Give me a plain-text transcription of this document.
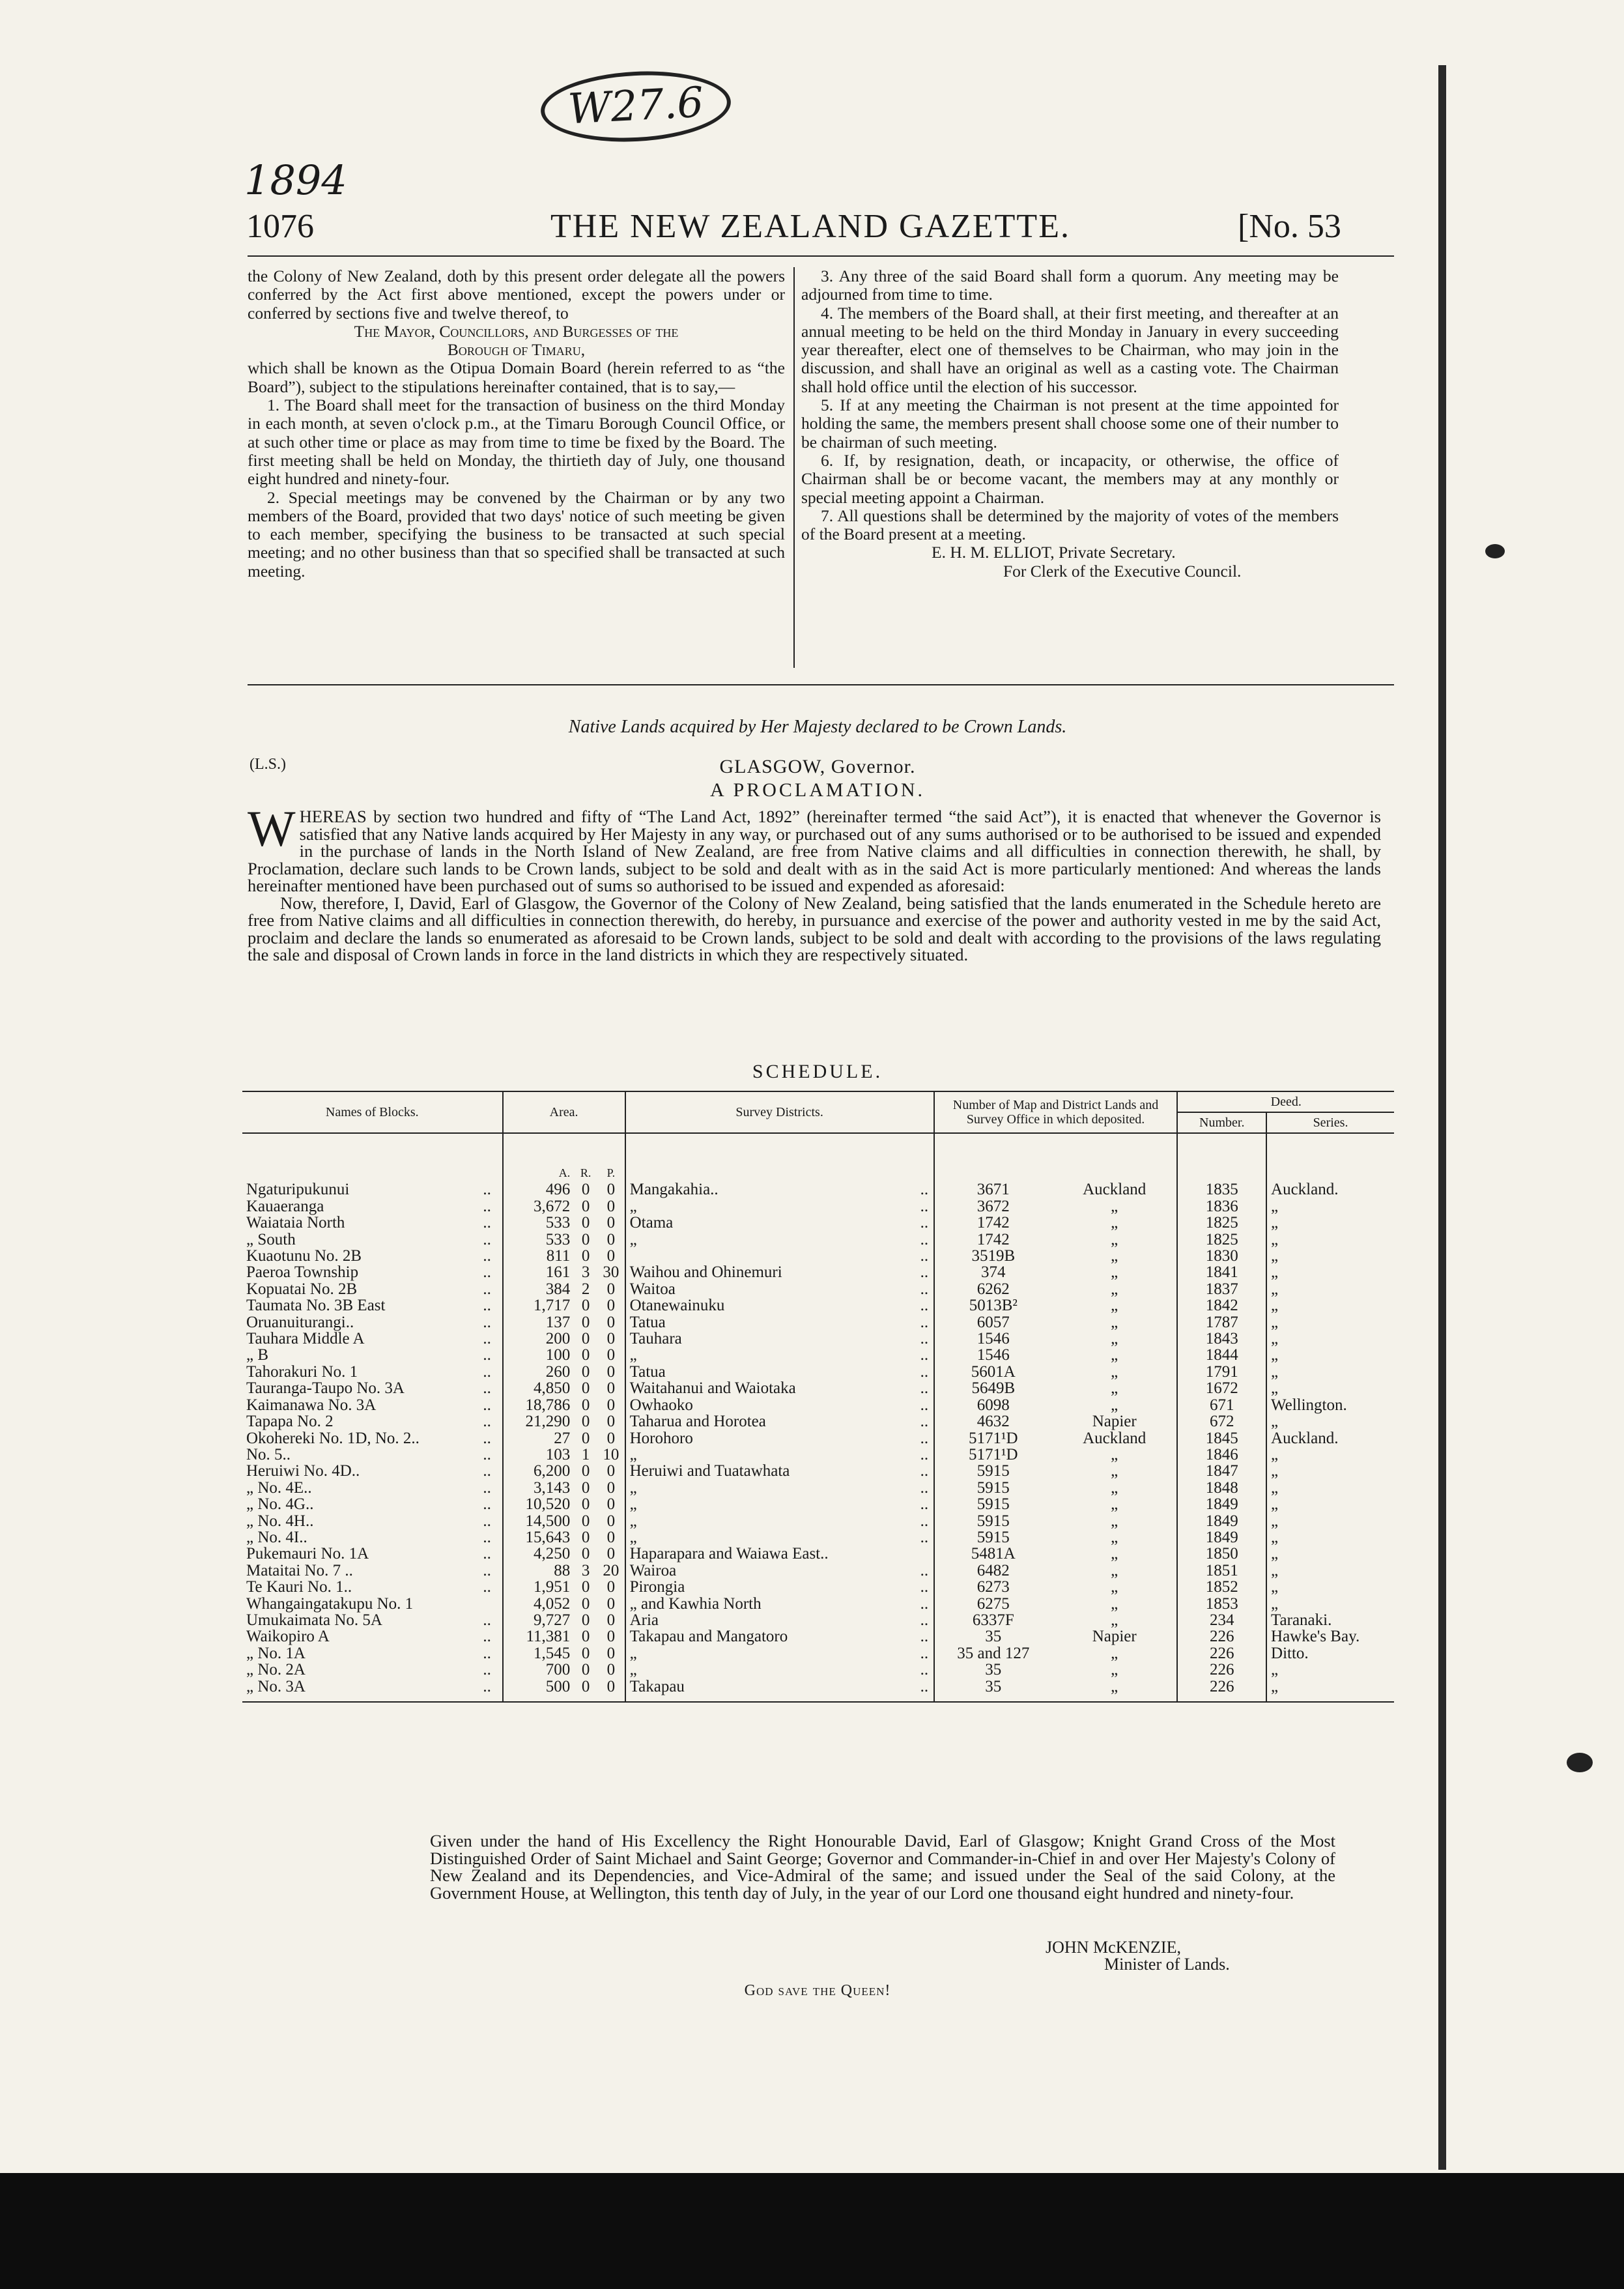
W27.6
1894
1076	THE NEW ZEALAND GAZETTE.	[No. 53

the Colony of New Zealand, doth by this present order delegate all the powers conferred by the Act first above mentioned, except the powers under or conferred by sections five and twelve thereof, to

The Mayor, Councillors, and Burgesses of the

Borough of Timaru,

which shall be known as the Otipua Domain Board (herein referred to as “the Board”), subject to the stipulations hereinafter contained, that is to say,—

1. The Board shall meet for the transaction of business on the third Monday in each month, at seven o'clock p.m., at the Timaru Borough Council Office, or at such other time or place as may from time to time be fixed by the Board. The first meeting shall be held on Monday, the thirtieth day of July, one thousand eight hundred and ninety-four.

2. Special meetings may be convened by the Chairman or by any two members of the Board, provided that two days' notice of such meeting be given to each member, specifying the business to be transacted at such special meeting; and no other business than that so specified shall be transacted at such meeting.

3. Any three of the said Board shall form a quorum. Any meeting may be adjourned from time to time.

4. The members of the Board shall, at their first meeting, and thereafter at an annual meeting to be held on the third Monday in January in every succeeding year thereafter, elect one of themselves to be Chairman, who may join in the discussion, and shall have an original as well as a casting vote. The Chairman shall hold office until the election of his successor.

5. If at any meeting the Chairman is not present at the time appointed for holding the same, the members present shall choose some one of their number to be chairman of such meeting.

6. If, by resignation, death, or incapacity, or otherwise, the office of Chairman shall be or become vacant, the members may at any monthly or special meeting appoint a Chairman.

7. All questions shall be determined by the majority of votes of the members of the Board present at a meeting.

E. H. M. ELLIOT, Private Secretary.

For Clerk of the Executive Council.

Native Lands acquired by Her Majesty declared to be Crown Lands.
GLASGOW, Governor.
(L.S.)
A PROCLAMATION.

WHEREAS by section two hundred and fifty of “The Land Act, 1892” (hereinafter termed “the said Act”), it is enacted that whenever the Governor is satisfied that any Native lands acquired by Her Majesty in any way, or purchased out of any sums authorised or to be authorised to be issued and expended in the purchase of lands in the North Island of New Zealand, are free from Native claims and all difficulties in connection therewith, he shall, by Proclamation, declare such lands to be Crown lands, subject to be sold and dealt with as in the said Act is more particularly mentioned: And whereas the lands hereinafter mentioned have been purchased out of sums so authorised to be issued and expended as aforesaid:

Now, therefore, I, David, Earl of Glasgow, the Governor of the Colony of New Zealand, being satisfied that the lands enumerated in the Schedule hereto are free from Native claims and all difficulties in connection therewith, do hereby, in pursuance and exercise of the power and authority vested in me by the said Act, proclaim and declare the lands so enumerated as aforesaid to be Crown lands, subject to be sold and dealt with according to the provisions of the laws regulating the sale and disposal of Crown lands in force in the land districts in which they are respectively situated.

SCHEDULE.
Names of Blocks.		Area.			Survey Districts.		Number of Map and District Lands and Survey Office in which deposited.		Deed.	
									Number.	Series.
		A.	R.	P.						
Ngaturipukunui	..	496	0	0	Mangakahia..	..	3671	Auckland	1835	Auckland.
Kauaeranga	..	3,672	0	0	„	..	3672	„	1836	„
Waiataia North	..	533	0	0	Otama	..	1742	„	1825	„
„ South	..	533	0	0	„	..	1742	„	1825	„
Kuaotunu No. 2B	..	811	0	0		..	3519B	„	1830	„
Paeroa Township	..	161	3	30	Waihou and Ohinemuri	..	374	„	1841	„
Kopuatai No. 2B	..	384	2	0	Waitoa	..	6262	„	1837	„
Taumata No. 3B East	..	1,717	0	0	Otanewainuku	..	5013B²	„	1842	„
Oruanuiturangi..	..	137	0	0	Tatua	..	6057	„	1787	„
Tauhara Middle A	..	200	0	0	Tauhara	..	1546	„	1843	„
„ B	..	100	0	0	„	..	1546	„	1844	„
Tahorakuri No. 1	..	260	0	0	Tatua	..	5601A	„	1791	„
Tauranga-Taupo No. 3A	..	4,850	0	0	Waitahanui and Waiotaka	..	5649B	„	1672	„
Kaimanawa No. 3A	..	18,786	0	0	Owhaoko	..	6098	„	671	Wellington.
Tapapa No. 2	..	21,290	0	0	Taharua and Horotea	..	4632	Napier	672	„
Okohereki No. 1D, No. 2..	..	27	0	0	Horohoro	..	5171¹D	Auckland	1845	Auckland.
No. 5..	..	103	1	10	„	..	5171¹D	„	1846	„
Heruiwi No. 4D..	..	6,200	0	0	Heruiwi and Tuatawhata	..	5915	„	1847	„
„ No. 4E..	..	3,143	0	0	„	..	5915	„	1848	„
„ No. 4G..	..	10,520	0	0	„	..	5915	„	1849	„
„ No. 4H..	..	14,500	0	0	„	..	5915	„	1849	„
„ No. 4I..	..	15,643	0	0	„	..	5915	„	1849	„
Pukemauri No. 1A	..	4,250	0	0	Haparapara and Waiawa East..		5481A	„	1850	„
Mataitai No. 7 ..	..	88	3	20	Wairoa	..	6482	„	1851	„
Te Kauri No. 1..	..	1,951	0	0	Pirongia	..	6273	„	1852	„
Whangaingatakupu No. 1		4,052	0	0	„ and Kawhia North	..	6275	„	1853	„
Umukaimata No. 5A	..	9,727	0	0	Aria	..	6337F	„	234	Taranaki.
Waikopiro A	..	11,381	0	0	Takapau and Mangatoro	..	35	Napier	226	Hawke's Bay.
„ No. 1A	..	1,545	0	0	„	..	35 and 127	„	226	Ditto.
„ No. 2A	..	700	0	0	„	..	35	„	226	„
„ No. 3A	..	500	0	0	Takapau	..	35	„	226	„
Given under the hand of His Excellency the Right Honourable David, Earl of Glasgow; Knight Grand Cross of the Most Distinguished Order of Saint Michael and Saint George; Governor and Commander-in-Chief in and over Her Majesty's Colony of New Zealand and its Dependencies, and Vice-Admiral of the same; and issued under the Seal of the said Colony, at the Government House, at Wellington, this tenth day of July, in the year of our Lord one thousand eight hundred and ninety-four.
JOHN McKENZIE,
Minister of Lands.
God save the Queen!
